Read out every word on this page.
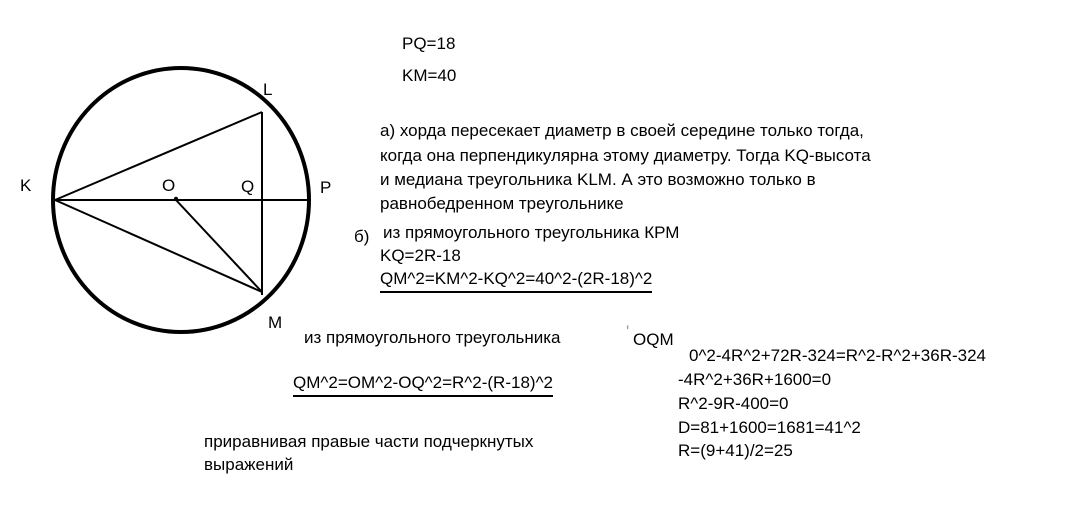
L
K	O	Q	P
M

PQ=18

KM=40

а) хорда пересекает диаметр в своей середине только тогда,

когда она перпендикулярна этому диаметру. Тогда KQ-высота

и медиана треугольника KLM. А это возможно только в

равнобедренном треугольнике

б) из прямоугольного треугольника КРМ

KQ=2R-18

QM^2=KM^2-KQ^2=40^2-(2R-18)^2

из прямоугольного треугольника	' OQM

QM^2=OM^2-OQ^2=R^2-(R-18)^2

приравнивая правые части подчеркнутых

выражений

0^2-4R^2+72R-324=R^2-R^2+36R-324

-4R^2+36R+1600=0

R^2-9R-400=0

D=81+1600=1681=41^2

R=(9+41)/2=25
